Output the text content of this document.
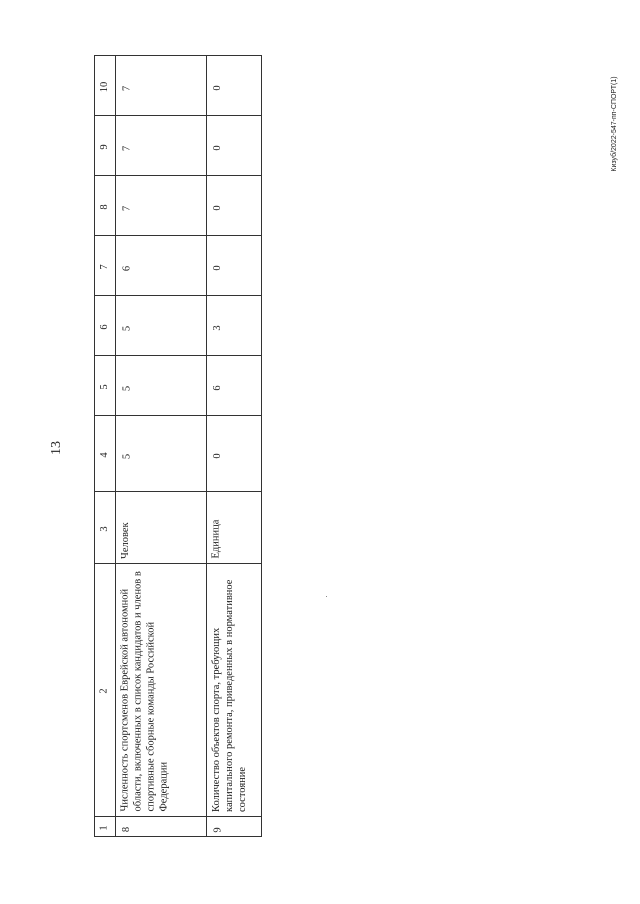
13
Кизуб/2022-547-пп-СПОРТ(1)
1
2
3
4
5
6
7
8
9
10
8
Численность спортсменов Еврейской автономной области, включенных в список кандидатов и членов в спортивные сборные команды Российской Федерации
Человек
5
5
5
6
7
7
7
9
Количество объектов спорта, требующих капитального ремонта, приведенных в нормативное состояние
Единица
0
6
3
0
0
0
0
